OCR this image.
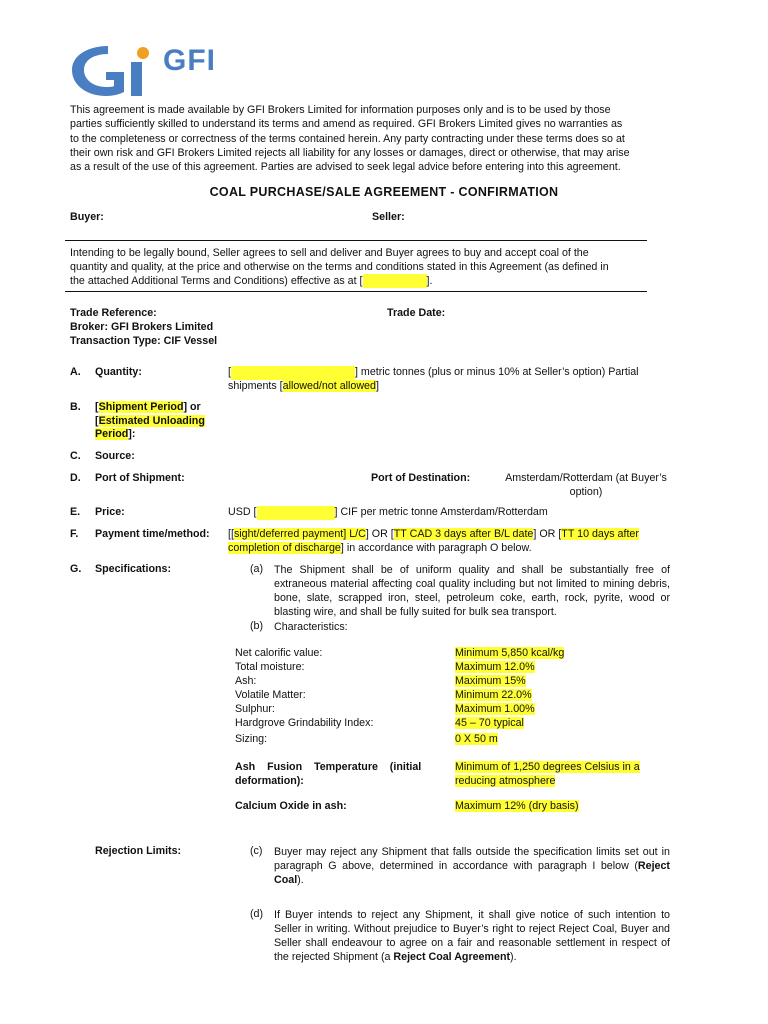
GFI
This agreement is made available by GFI Brokers Limited for information purposes only and is to be used by those
parties sufficiently skilled to understand its terms and amend as required. GFI Brokers Limited gives no warranties as
to the completeness or correctness of the terms contained herein. Any party contracting under these terms does so at
their own risk and GFI Brokers Limited rejects all liability for any losses or damages, direct or otherwise, that may arise
as a result of the use of this agreement. Parties are advised to seek legal advice before entering into this agreement.
COAL PURCHASE/SALE AGREEMENT - CONFIRMATION
Buyer:	Seller:
Intending to be legally bound, Seller agrees to sell and deliver and Buyer agrees to buy and accept coal of the
quantity and quality, at the price and otherwise on the terms and conditions stated in this Agreement (as defined in
the attached Additional Terms and Conditions) effective as at [	].
Trade Reference:	Trade Date:
Broker: GFI Brokers Limited
Transaction Type: CIF Vessel
A. Quantity:	[	] metric tonnes (plus or minus 10% at Seller’s option) Partial
shipments [allowed/not allowed]
B. [Shipment Period] or
[Estimated Unloading
Period]:
C. Source:
D. Port of Shipment:	Port of Destination:	Amsterdam/Rotterdam (at Buyer’s
option)
E. Price:	USD [	] CIF per metric tonne Amsterdam/Rotterdam
F. Payment time/method: [[sight/deferred payment] L/C] OR [TT CAD 3 days after B/L date] OR [TT 10 days after
completion of discharge] in accordance with paragraph O below.
G. Specifications:	(a) The Shipment shall be of uniform quality and shall be substantially free of extraneous material affecting coal quality including but not limited to mining debris, bone, slate, scrapped iron, steel, petroleum coke, earth, rock, pyrite, wood or blasting wire, and shall be fully suited for bulk sea transport.
(b) Characteristics:
Net calorific value:	Minimum 5,850 kcal/kg
Total moisture:	Maximum 12.0%
Ash:	Maximum 15%
Volatile Matter:	Minimum 22.0%
Sulphur:	Maximum 1.00%
Hardgrove Grindability Index:	45 – 70 typical
Sizing:	0 X 50 m
Ash    Fusion    Temperature    (initial
deformation):
Minimum of 1,250 degrees Celsius in a
reducing atmosphere
Calcium Oxide in ash:	Maximum 12% (dry basis)
Rejection Limits:	(c) Buyer may reject any Shipment that falls outside the specification limits set out in paragraph G above, determined in accordance with paragraph I below (Reject Coal).
(d) If Buyer intends to reject any Shipment, it shall give notice of such intention to Seller in writing. Without prejudice to Buyer’s right to reject Reject Coal, Buyer and Seller shall endeavour to agree on a fair and reasonable settlement in respect of the rejected Shipment (a Reject Coal Agreement).
